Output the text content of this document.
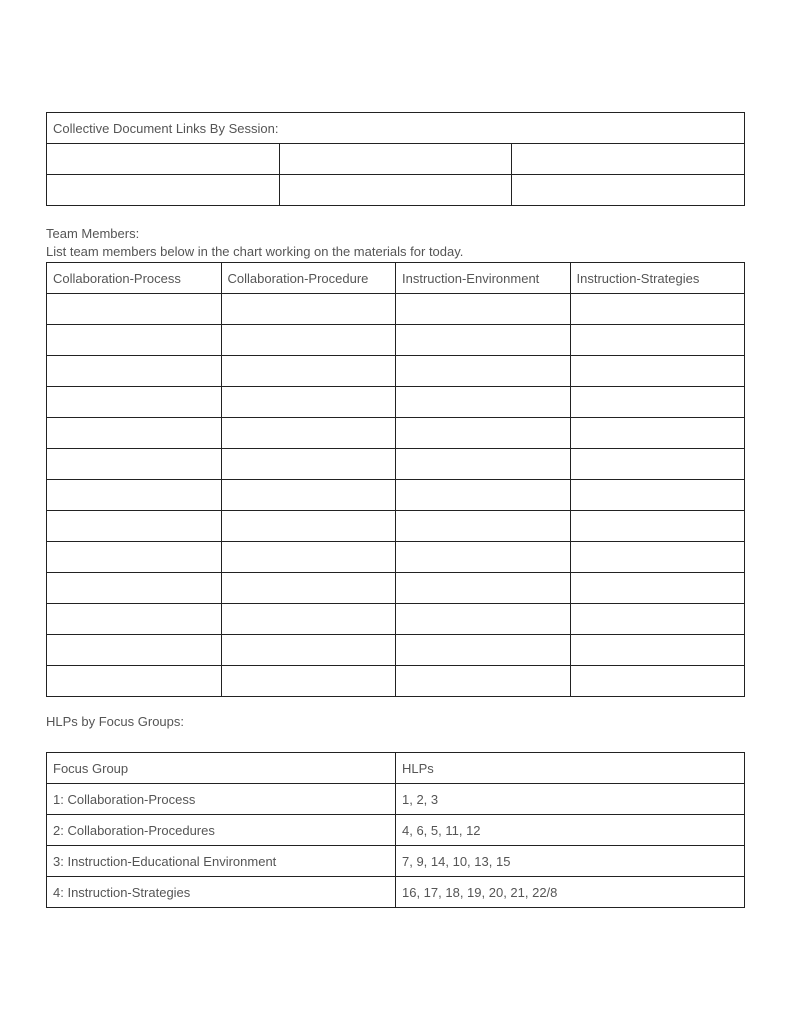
Collective Document Links By Session:		

Team Members:
List team members below in the chart working on the materials for today.
Collaboration-Process	Collaboration-Procedure	Instruction-Environment	Instruction-Strategies

HLPs by Focus Groups:
Focus Group	HLPs
1: Collaboration-Process	1, 2, 3
2: Collaboration-Procedures	4, 6, 5, 11, 12
3: Instruction-Educational Environment	7, 9, 14, 10, 13, 15
4: Instruction-Strategies	16, 17, 18, 19, 20, 21, 22/8
